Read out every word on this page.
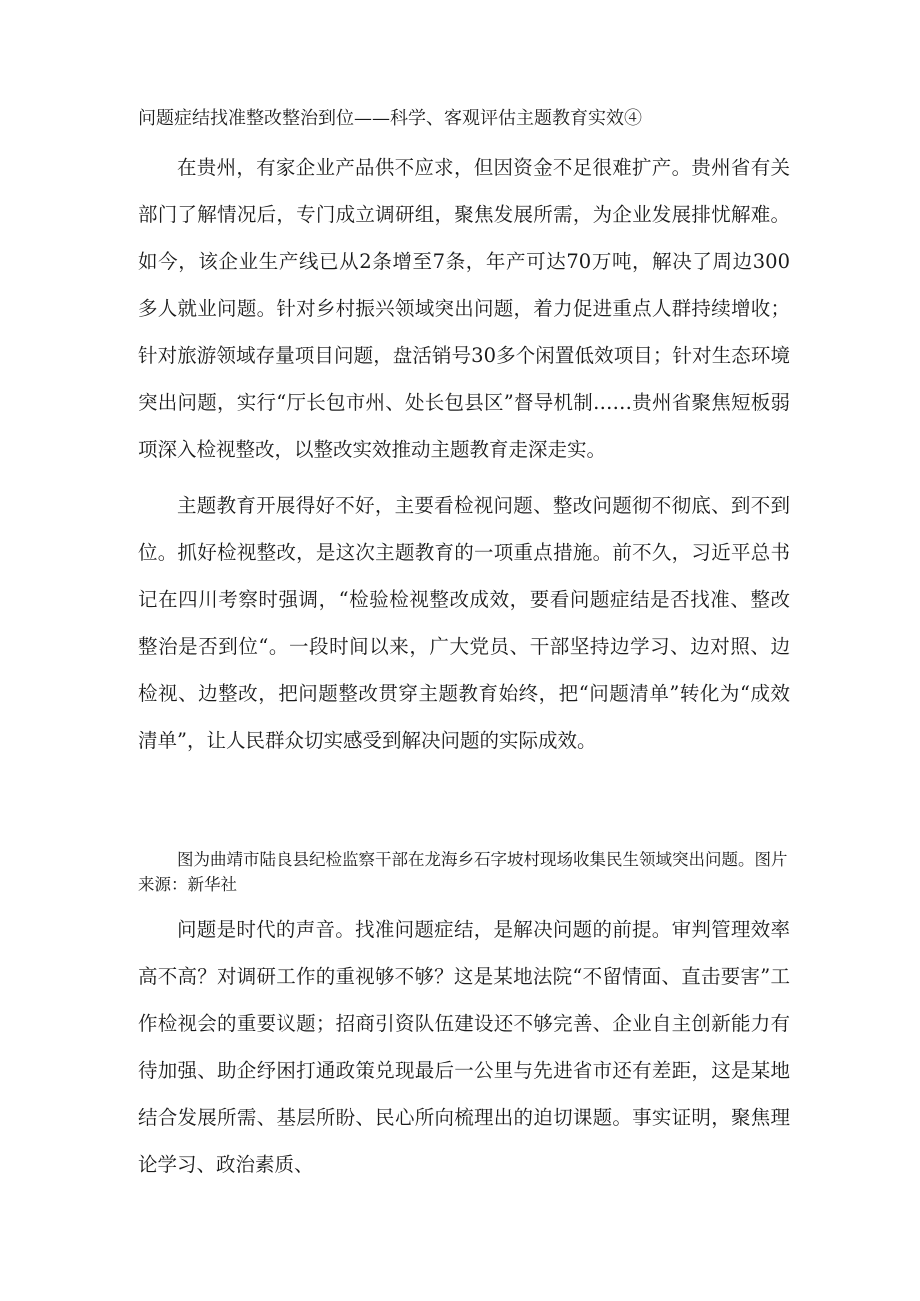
问题症结找准整改整治到位——科学、客观评估主题教育实效④

在贵州，有家企业产品供不应求，但因资金不足很难扩产。贵州省有关部门了解情况后，专门成立调研组，聚焦发展所需，为企业发展排忧解难。如今，该企业生产线已从2条增至7条，年产可达70万吨，解决了周边300多人就业问题。针对乡村振兴领域突出问题，着力促进重点人群持续增收；针对旅游领域存量项目问题，盘活销号30多个闲置低效项目；针对生态环境突出问题，实行“厅长包市州、处长包县区”督导机制……贵州省聚焦短板弱项深入检视整改，以整改实效推动主题教育走深走实。

主题教育开展得好不好，主要看检视问题、整改问题彻不彻底、到不到位。抓好检视整改，是这次主题教育的一项重点措施。前不久，习近平总书记在四川考察时强调，“检验检视整改成效，要看问题症结是否找准、整改整治是否到位“。一段时间以来，广大党员、干部坚持边学习、边对照、边检视、边整改，把问题整改贯穿主题教育始终，把“问题清单”转化为“成效清单”，让人民群众切实感受到解决问题的实际成效。

图为曲靖市陆良县纪检监察干部在龙海乡石字坡村现场收集民生领域突出问题。图片来源：新华社

问题是时代的声音。找准问题症结，是解决问题的前提。审判管理效率高不高？对调研工作的重视够不够？这是某地法院“不留情面、直击要害”工作检视会的重要议题；招商引资队伍建设还不够完善、企业自主创新能力有待加强、助企纾困打通政策兑现最后一公里与先进省市还有差距，这是某地结合发展所需、基层所盼、民心所向梳理出的迫切课题。事实证明，聚焦理论学习、政治素质、
